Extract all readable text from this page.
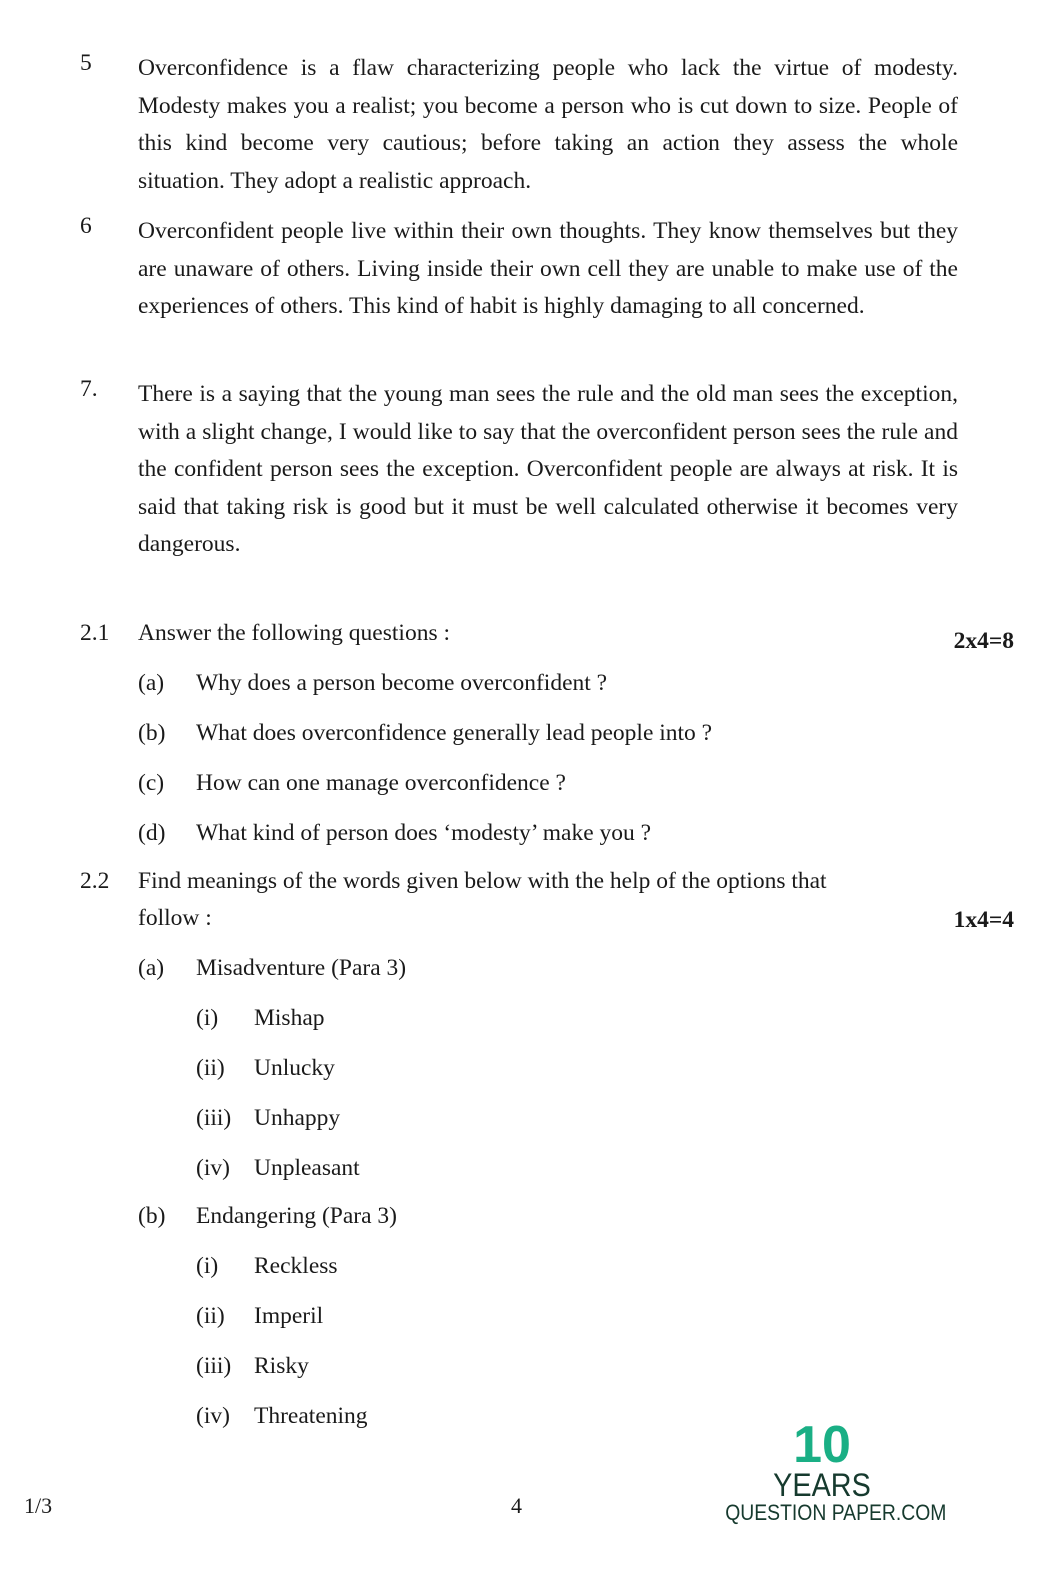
5 Overconfidence is a flaw characterizing people who lack the virtue of modesty. Modesty makes you a realist; you become a person who is cut down to size. People of this kind become very cautious; before taking an action they assess the whole situation. They adopt a realistic approach.
6 Overconfident people live within their own thoughts. They know themselves but they are unaware of others. Living inside their own cell they are unable to make use of the experiences of others. This kind of habit is highly damaging to all concerned.
7. There is a saying that the young man sees the rule and the old man sees the exception, with a slight change, I would like to say that the overconfident person sees the rule and the confident person sees the exception. Overconfident people are always at risk. It is said that taking risk is good but it must be well calculated otherwise it becomes very dangerous.
2.1 Answer the following questions :	2x4=8
(a) Why does a person become overconfident ?
(b) What does overconfidence generally lead people into ?
(c) How can one manage overconfidence ?
(d) What kind of person does ‘modesty’ make you ?
2.2 Find meanings of the words given below with the help of the options that
follow :	1x4=4
(a) Misadventure (Para 3)
(i) Mishap
(ii) Unlucky
(iii) Unhappy
(iv) Unpleasant
(b) Endangering (Para 3)
(i) Reckless
(ii) Imperil
(iii) Risky
(iv) Threatening
1/3	4
10
YEARS
QUESTION PAPER.COM
